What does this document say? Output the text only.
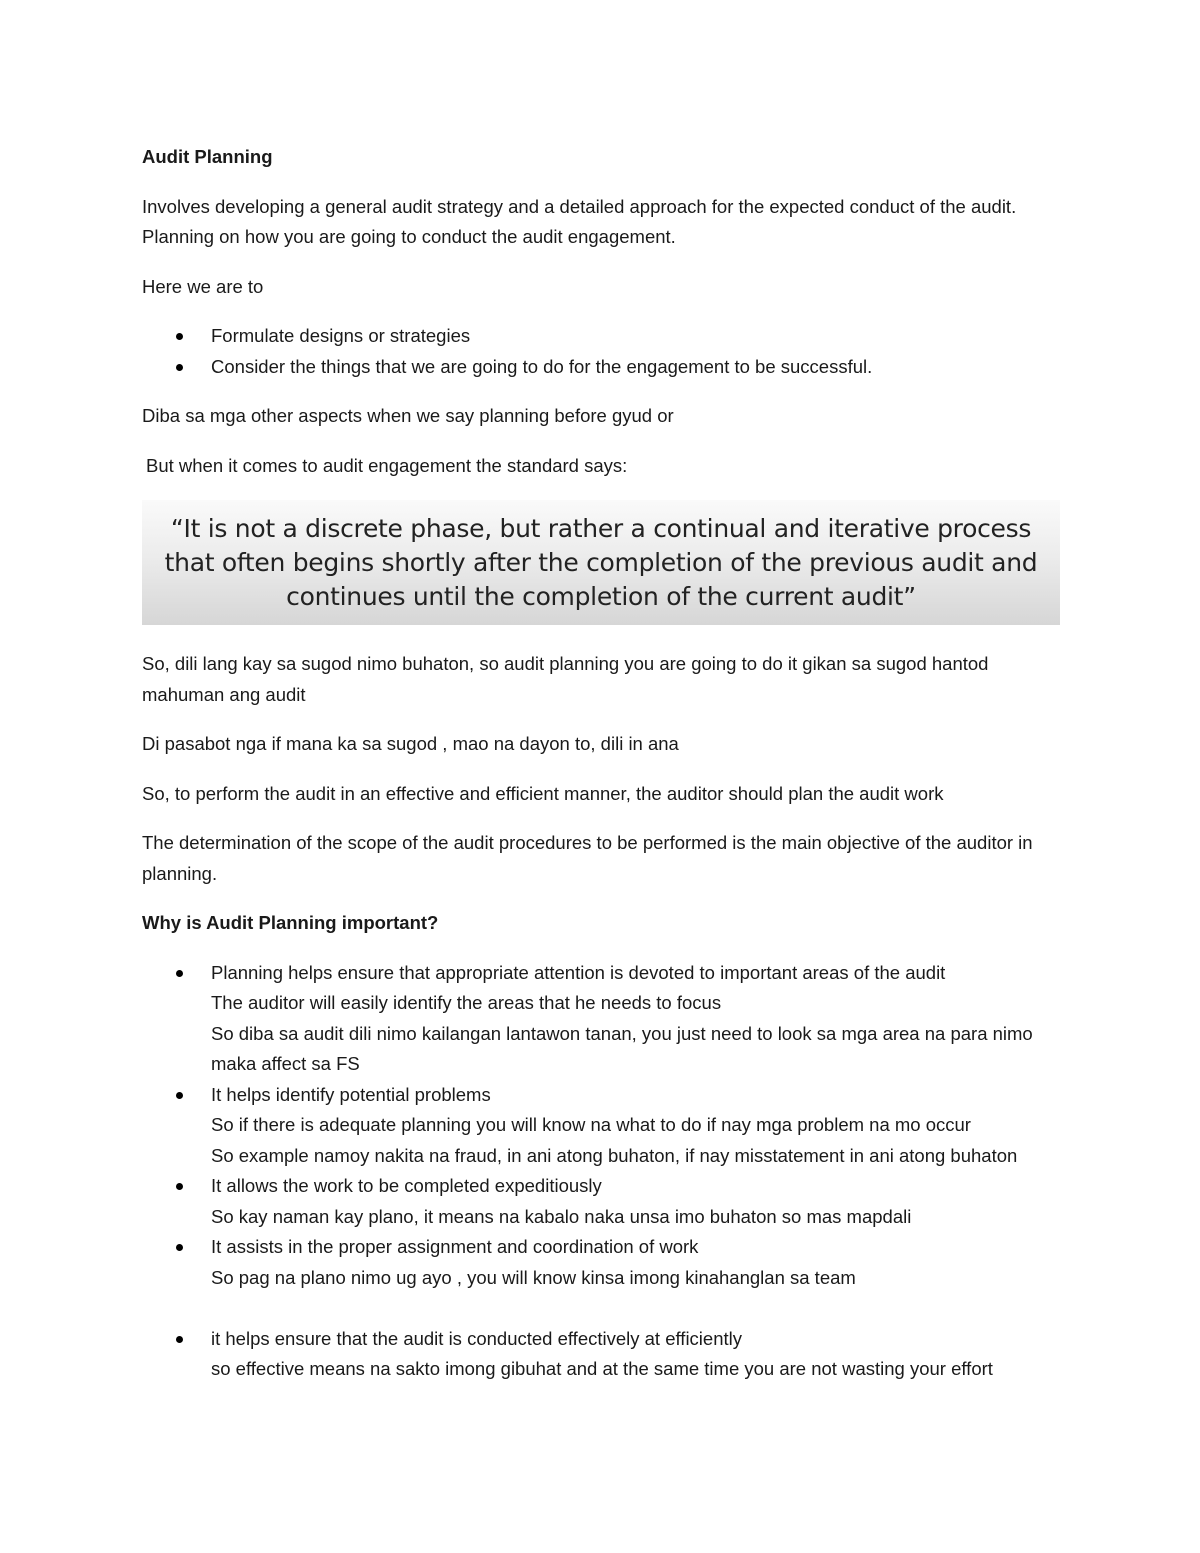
Audit Planning

Involves developing a general audit strategy and a detailed approach for the expected conduct of the audit. Planning on how you are going to conduct the audit engagement.

Here we are to

Formulate designs or strategies
Consider the things that we are going to do for the engagement to be successful.

Diba sa mga other aspects when we say planning before gyud or

But when it comes to audit engagement the standard says:

“It is not a discrete phase, but rather a continual and iterative process that often begins shortly after the completion of the previous audit and continues until the completion of the current audit”

So, dili lang kay sa sugod nimo buhaton, so audit planning you are going to do it gikan sa sugod hantod mahuman ang audit

Di pasabot nga if mana ka sa sugod , mao na dayon to, dili in ana

So, to perform the audit in an effective and efficient manner, the auditor should plan the audit work

The determination of the scope of the audit procedures to be performed is the main objective of the auditor in planning.

Why is Audit Planning important?

Planning helps ensure that appropriate attention is devoted to important areas of the audit
The auditor will easily identify the areas that he needs to focus
So diba sa audit dili nimo kailangan lantawon tanan, you just need to look sa mga area na para nimo maka affect sa FS
It helps identify potential problems
So if there is adequate planning you will know na what to do if nay mga problem na mo occur
So example namoy nakita na fraud, in ani atong buhaton, if nay misstatement in ani atong buhaton
It allows the work to be completed expeditiously
So kay naman kay plano, it means na kabalo naka unsa imo buhaton so mas mapdali
It assists in the proper assignment and coordination of work
So pag na plano nimo ug ayo , you will know kinsa imong kinahanglan sa team
it helps ensure that the audit is conducted effectively at efficiently
so effective means na sakto imong gibuhat and at the same time you are not wasting your effort
